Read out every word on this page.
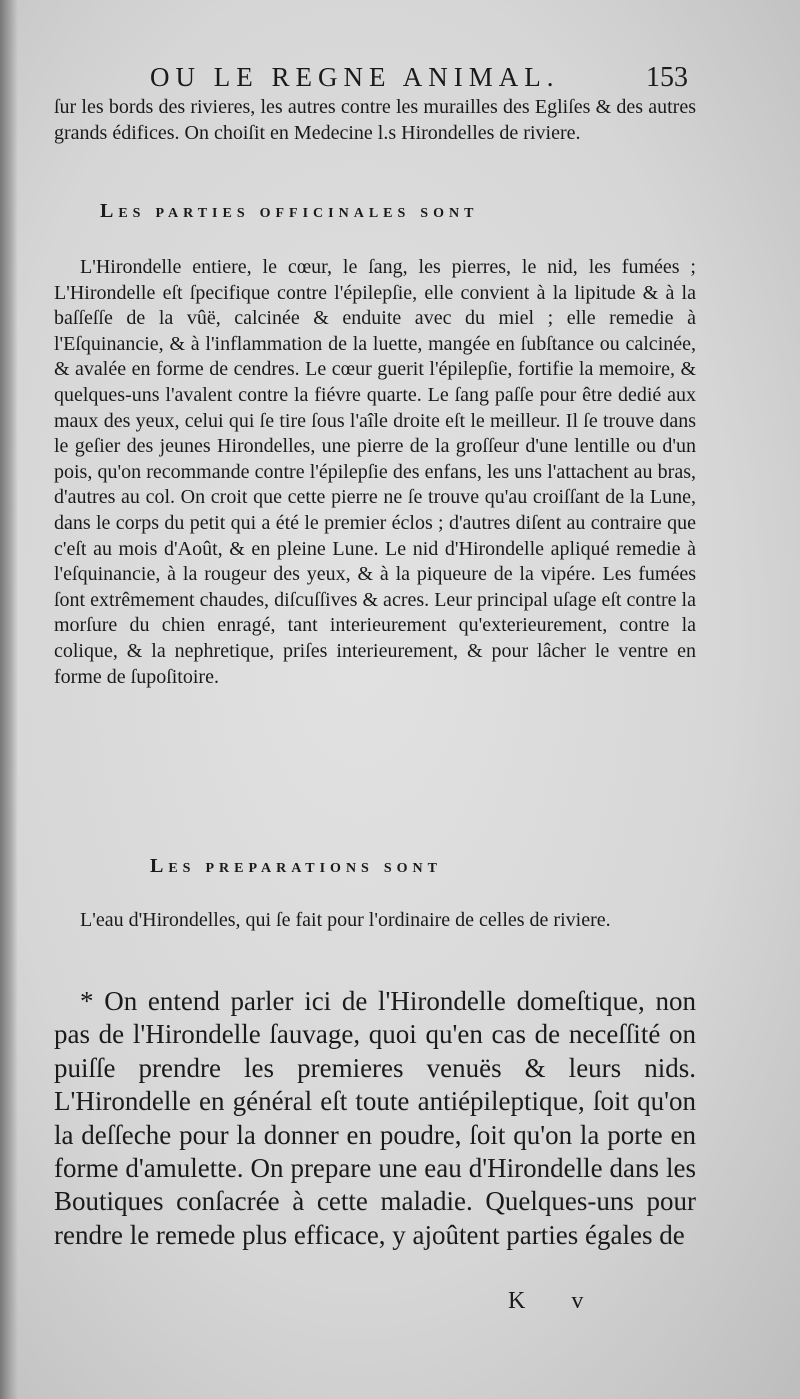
OU LE REGNE ANIMAL.	153

ſur les bords des rivieres, les autres contre les murailles des Egliſes & des autres grands édifices. On choiſit en Medecine l.s Hirondelles de riviere.

Les parties officinales sont

L'Hirondelle entiere, le cœur, le ſang, les pierres, le nid, les fumées ; L'Hirondelle eſt ſpecifique contre l'épilepſie, elle convient à la lipitude & à la baſſeſſe de la vûë, calcinée & enduite avec du miel ; elle remedie à l'Eſquinancie, & à l'inflammation de la luette, mangée en ſubſtance ou calcinée, & avalée en forme de cendres. Le cœur guerit l'épilepſie, fortifie la memoire, & quelques-uns l'avalent contre la fiévre quarte. Le ſang paſſe pour être dedié aux maux des yeux, celui qui ſe tire ſous l'aîle droite eſt le meilleur. Il ſe trouve dans le geſier des jeunes Hirondelles, une pierre de la groſſeur d'une lentille ou d'un pois, qu'on recommande contre l'épilepſie des enfans, les uns l'attachent au bras, d'autres au col. On croit que cette pierre ne ſe trouve qu'au croiſſant de la Lune, dans le corps du petit qui a été le premier éclos ; d'autres diſent au contraire que c'eſt au mois d'Août, & en pleine Lune. Le nid d'Hirondelle apliqué remedie à l'eſquinancie, à la rougeur des yeux, & à la piqueure de la vipére. Les fumées ſont extrêmement chaudes, diſcuſſives & acres. Leur principal uſage eſt contre la morſure du chien enragé, tant interieurement qu'exterieurement, contre la colique, & la nephretique, priſes interieurement, & pour lâcher le ventre en forme de ſupoſitoire.

Les preparations sont

L'eau d'Hirondelles, qui ſe fait pour l'ordinaire de celles de riviere.

* On entend parler ici de l'Hirondelle domeſtique, non pas de l'Hirondelle ſauvage, quoi qu'en cas de neceſſité on puiſſe prendre les premieres venuës & leurs nids. L'Hirondelle en général eſt toute antiépileptique, ſoit qu'on la deſſeche pour la donner en poudre, ſoit qu'on la porte en forme d'amulette. On prepare une eau d'Hirondelle dans les Boutiques conſacrée à cette maladie. Quelques-uns pour rendre le remede plus efficace, y ajoûtent parties égales de

K v
